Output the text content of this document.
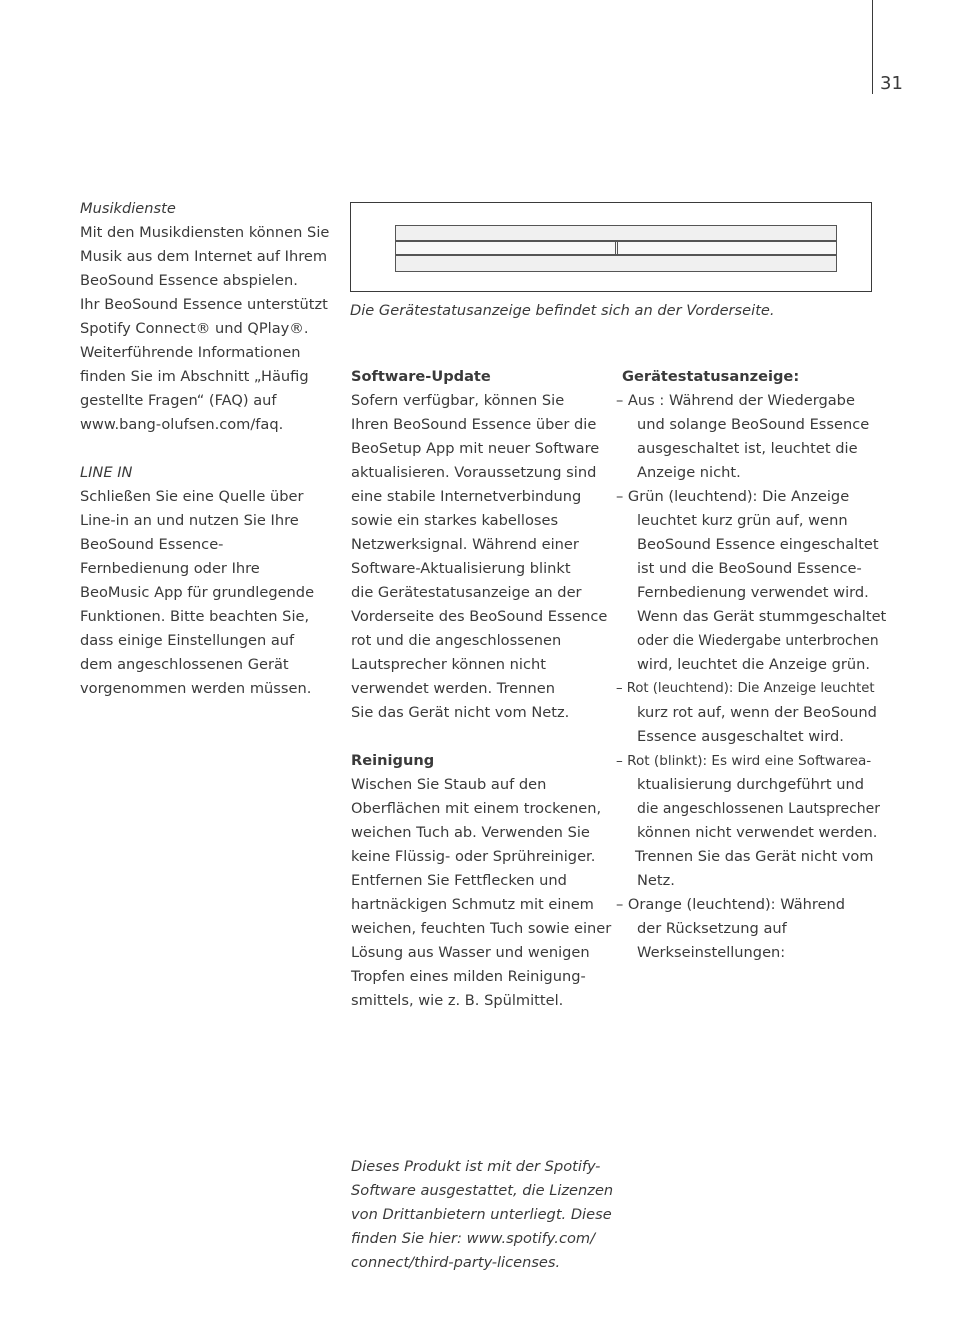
31
Musikdienste
Mit den Musikdiensten können Sie
Musik aus dem Internet auf Ihrem
BeoSound Essence abspielen.
Ihr BeoSound Essence unterstützt
Spotify Connect® und QPlay®.
Weiterführende Informationen
finden Sie im Abschnitt „Häufig
gestellte Fragen“ (FAQ) auf
www.bang-olufsen.com/faq.
LINE IN
Schließen Sie eine Quelle über
Line-in an und nutzen Sie Ihre
BeoSound Essence-
Fernbedienung oder Ihre
BeoMusic App für grundlegende
Funktionen. Bitte beachten Sie,
dass einige Einstellungen auf
dem angeschlossenen Gerät
vorgenommen werden müssen.
Die Gerätestatusanzeige befindet sich an der Vorderseite.
Software-Update
Sofern verfügbar, können Sie
Ihren BeoSound Essence über die
BeoSetup App mit neuer Software
aktualisieren. Voraussetzung sind
eine stabile Internetverbindung
sowie ein starkes kabelloses
Netzwerksignal. Während einer
Software-Aktualisierung blinkt
die Gerätestatusanzeige an der
Vorderseite des BeoSound Essence
rot und die angeschlossenen
Lautsprecher können nicht
verwendet werden. Trennen
Sie das Gerät nicht vom Netz.
Reinigung
Wischen Sie Staub auf den
Oberflächen mit einem trockenen,
weichen Tuch ab. Verwenden Sie
keine Flüssig- oder Sprühreiniger.
Entfernen Sie Fettflecken und
hartnäckigen Schmutz mit einem
weichen, feuchten Tuch sowie einer
Lösung aus Wasser und wenigen
Tropfen eines milden Reinigung-
smittels, wie z. B. Spülmittel.
Dieses Produkt ist mit der Spotify-
Software ausgestattet, die Lizenzen
von Drittanbietern unterliegt. Diese
finden Sie hier: www.spotify.com/
connect/third-party-licenses.
Gerätestatusanzeige:
– Aus : Während der Wiedergabe
und solange BeoSound Essence
ausgeschaltet ist, leuchtet die
Anzeige nicht.
– Grün (leuchtend): Die Anzeige
leuchtet kurz grün auf, wenn
BeoSound Essence eingeschaltet
ist und die BeoSound Essence-
Fernbedienung verwendet wird.
Wenn das Gerät stummgeschaltet
oder die Wiedergabe unterbrochen
wird, leuchtet die Anzeige grün.
– Rot (leuchtend): Die Anzeige leuchtet
kurz rot auf, wenn der BeoSound
Essence ausgeschaltet wird.
– Rot (blinkt): Es wird eine Softwarea-
ktualisierung durchgeführt und
die angeschlossenen Lautsprecher
können nicht verwendet werden.
Trennen Sie das Gerät nicht vom
Netz.
– Orange (leuchtend): Während
der Rücksetzung auf
Werkseinstellungen:
